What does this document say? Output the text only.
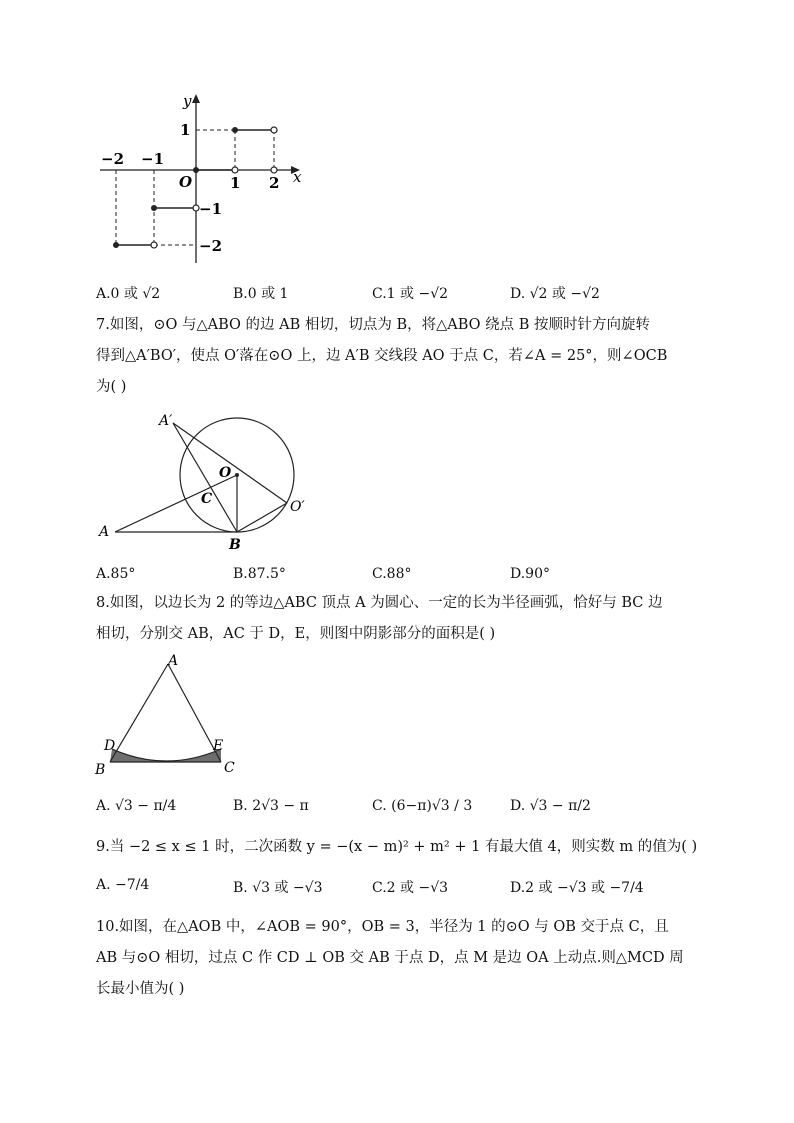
y
x
O
−2 −1
1 2
1
−1
−2
A.0 或 √2	B.0 或 1	C.1 或 −√2	D. √2 或 −√2
7.如图，⊙O 与△ABO 的边 AB 相切，切点为 B，将△ABO 绕点 B 按顺时针方向旋转
得到△A′BO′，使点 O′落在⊙O 上，边 A′B 交线段 AO 于点 C，若∠A = 25°，则∠OCB
为( )
A′
O
C	O′
A
B
A.85°	B.87.5°	C.88°	D.90°
8.如图，以边长为 2 的等边△ABC 顶点 A 为圆心、一定的长为半径画弧，恰好与 BC 边
相切，分别交 AB，AC 于 D，E，则图中阴影部分的面积是( )
A
D	E
B	C
A. √3 − π/4	B. 2√3 − π	C. (6−π)√3 / 3	D. √3 − π/2
9.当 −2 ≤ x ≤ 1 时，二次函数 y = −(x − m)² + m² + 1 有最大值 4，则实数 m 的值为( )
A. −7/4	B. √3 或 −√3	C.2 或 −√3	D.2 或 −√3 或 −7/4
10.如图，在△AOB 中，∠AOB = 90°，OB = 3，半径为 1 的⊙O 与 OB 交于点 C，且
AB 与⊙O 相切，过点 C 作 CD ⊥ OB 交 AB 于点 D，点 M 是边 OA 上动点.则△MCD 周
长最小值为( )
